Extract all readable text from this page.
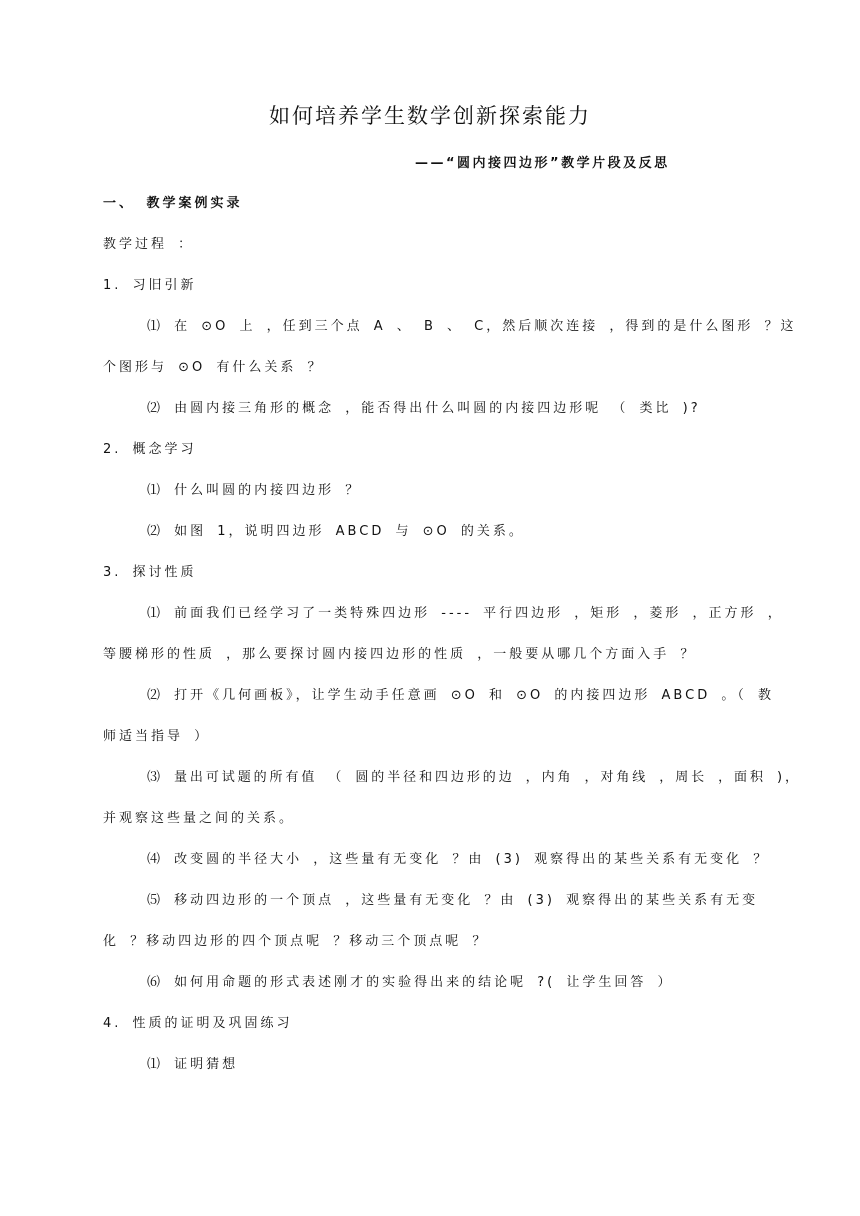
如何培养学生数学创新探索能力
——“圆内接四边形”教学片段及反思
一、 教学案例实录
教学过程 ：
1. 习旧引新
⑴ 在 ⊙O 上 ，任到三个点 A 、 B 、 C，然后顺次连接 ，得到的是什么图形 ？这
个图形与 ⊙O 有什么关系 ？
⑵ 由圆内接三角形的概念 ，能否得出什么叫圆的内接四边形呢 （ 类比 )?
2. 概念学习
⑴ 什么叫圆的内接四边形 ？
⑵ 如图 1，说明四边形 ABCD 与 ⊙O 的关系。
3. 探讨性质
⑴ 前面我们已经学习了一类特殊四边形 ---- 平行四边形 ，矩形 ，菱形 ，正方形 ，
等腰梯形的性质 ，那么要探讨圆内接四边形的性质 ，一般要从哪几个方面入手 ？
⑵ 打开《几何画板》，让学生动手任意画 ⊙O 和 ⊙O 的内接四边形 ABCD 。（ 教
师适当指导 ）
⑶ 量出可试题的所有值 （ 圆的半径和四边形的边 ，内角 ，对角线 ，周长 ，面积 )，
并观察这些量之间的关系。
⑷ 改变圆的半径大小 ，这些量有无变化 ？由 (3) 观察得出的某些关系有无变化 ？
⑸ 移动四边形的一个顶点 ，这些量有无变化 ？由 (3) 观察得出的某些关系有无变
化 ？移动四边形的四个顶点呢 ？移动三个顶点呢 ？
⑹ 如何用命题的形式表述刚才的实验得出来的结论呢 ?( 让学生回答 ）
4. 性质的证明及巩固练习
⑴ 证明猜想
